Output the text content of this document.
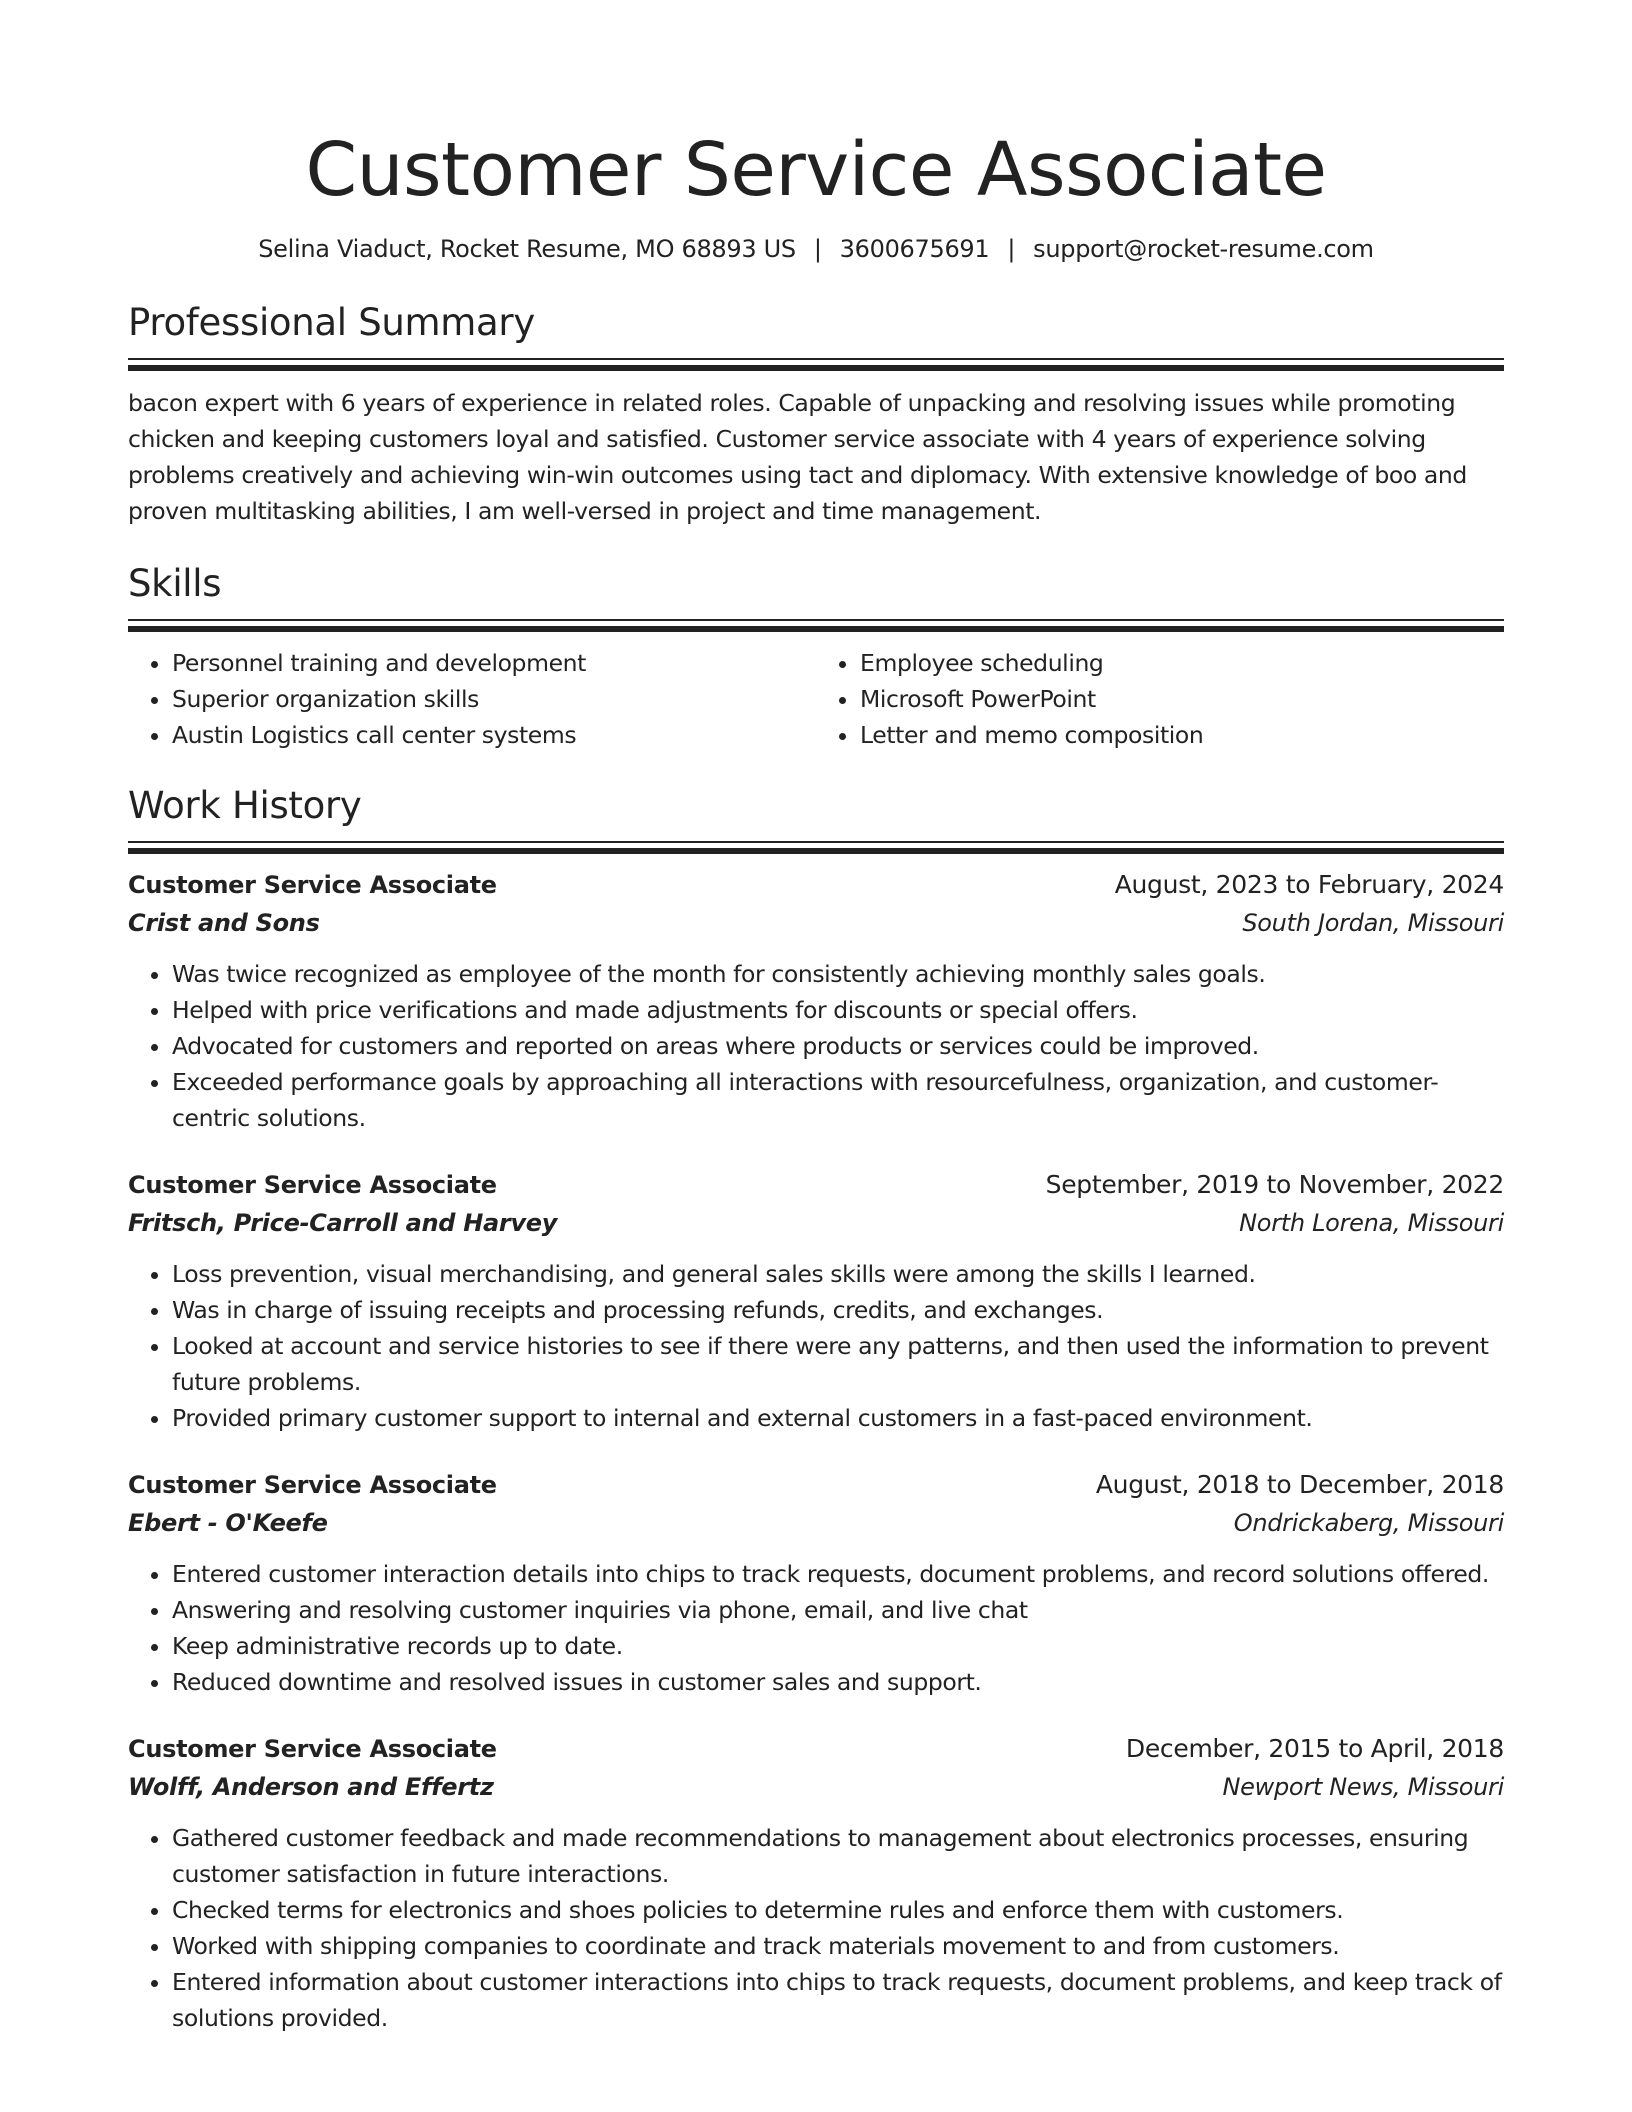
Customer Service Associate
Selina Viaduct, Rocket Resume, MO 68893 US | 3600675691 | support@rocket-resume.com
Professional Summary
bacon expert with 6 years of experience in related roles. Capable of unpacking and resolving issues while promoting chicken and keeping customers loyal and satisfied. Customer service associate with 4 years of experience solving problems creatively and achieving win-win outcomes using tact and diplomacy. With extensive knowledge of boo and proven multitasking abilities, I am well-versed in project and time management.
Skills
• Personnel training and development
• Superior organization skills
• Austin Logistics call center systems
• Employee scheduling
• Microsoft PowerPoint
• Letter and memo composition
Work History
Customer Service Associate	August, 2023 to February, 2024
Crist and Sons	South Jordan, Missouri
• Was twice recognized as employee of the month for consistently achieving monthly sales goals.
• Helped with price verifications and made adjustments for discounts or special offers.
• Advocated for customers and reported on areas where products or services could be improved.
• Exceeded performance goals by approaching all interactions with resourcefulness, organization, and customer-centric solutions.
Customer Service Associate	September, 2019 to November, 2022
Fritsch, Price-Carroll and Harvey	North Lorena, Missouri
• Loss prevention, visual merchandising, and general sales skills were among the skills I learned.
• Was in charge of issuing receipts and processing refunds, credits, and exchanges.
• Looked at account and service histories to see if there were any patterns, and then used the information to prevent future problems.
• Provided primary customer support to internal and external customers in a fast-paced environment.
Customer Service Associate	August, 2018 to December, 2018
Ebert - O'Keefe	Ondrickaberg, Missouri
• Entered customer interaction details into chips to track requests, document problems, and record solutions offered.
• Answering and resolving customer inquiries via phone, email, and live chat
• Keep administrative records up to date.
• Reduced downtime and resolved issues in customer sales and support.
Customer Service Associate	December, 2015 to April, 2018
Wolff, Anderson and Effertz	Newport News, Missouri
• Gathered customer feedback and made recommendations to management about electronics processes, ensuring customer satisfaction in future interactions.
• Checked terms for electronics and shoes policies to determine rules and enforce them with customers.
• Worked with shipping companies to coordinate and track materials movement to and from customers.
• Entered information about customer interactions into chips to track requests, document problems, and keep track of solutions provided.
